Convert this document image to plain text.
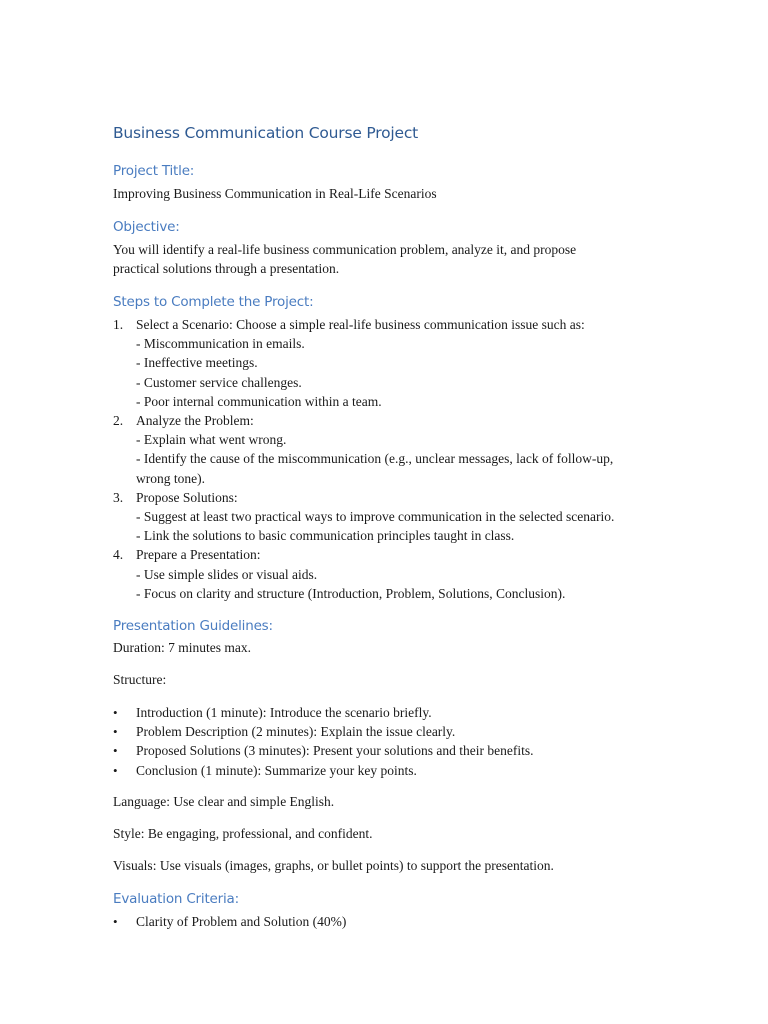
Business Communication Course Project
Project Title:

Improving Business Communication in Real-Life Scenarios

Objective:

You will identify a real-life business communication problem, analyze it, and propose
practical solutions through a presentation.

Steps to Complete the Project:
1. Select a Scenario: Choose a simple real-life business communication issue such as:
- Miscommunication in emails.
- Ineffective meetings.
- Customer service challenges.
- Poor internal communication within a team.
2. Analyze the Problem:
- Explain what went wrong.
- Identify the cause of the miscommunication (e.g., unclear messages, lack of follow-up,
wrong tone).
3. Propose Solutions:
- Suggest at least two practical ways to improve communication in the selected scenario.
- Link the solutions to basic communication principles taught in class.
4. Prepare a Presentation:
- Use simple slides or visual aids.
- Focus on clarity and structure (Introduction, Problem, Solutions, Conclusion).
Presentation Guidelines:

Duration: 7 minutes max.

Structure:

• Introduction (1 minute): Introduce the scenario briefly.
• Problem Description (2 minutes): Explain the issue clearly.
• Proposed Solutions (3 minutes): Present your solutions and their benefits.
• Conclusion (1 minute): Summarize your key points.

Language: Use clear and simple English.

Style: Be engaging, professional, and confident.

Visuals: Use visuals (images, graphs, or bullet points) to support the presentation.

Evaluation Criteria:
• Clarity of Problem and Solution (40%)
